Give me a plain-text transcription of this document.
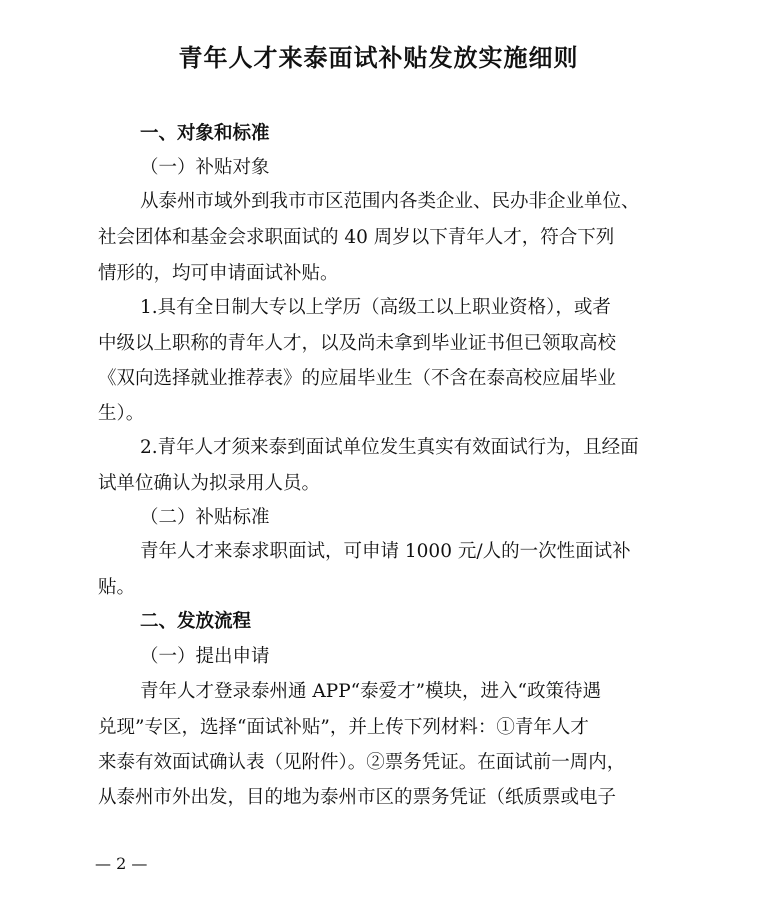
青年人才来泰面试补贴发放实施细则
一、对象和标准
（一）补贴对象
从泰州市域外到我市市区范围内各类企业、民办非企业单位、
社会团体和基金会求职面试的 40 周岁以下青年人才，符合下列
情形的，均可申请面试补贴。
1.具有全日制大专以上学历（高级工以上职业资格），或者
中级以上职称的青年人才，以及尚未拿到毕业证书但已领取高校
《双向选择就业推荐表》的应届毕业生（不含在泰高校应届毕业
生）。
2.青年人才须来泰到面试单位发生真实有效面试行为，且经面
试单位确认为拟录用人员。
（二）补贴标准
青年人才来泰求职面试，可申请 1000 元/人的一次性面试补
贴。
二、发放流程
（一）提出申请
青年人才登录泰州通 APP“泰爱才”模块，进入“政策待遇
兑现”专区，选择“面试补贴”，并上传下列材料：①青年人才
来泰有效面试确认表（见附件）。②票务凭证。在面试前一周内，
从泰州市外出发，目的地为泰州市区的票务凭证（纸质票或电子
— 2 —
